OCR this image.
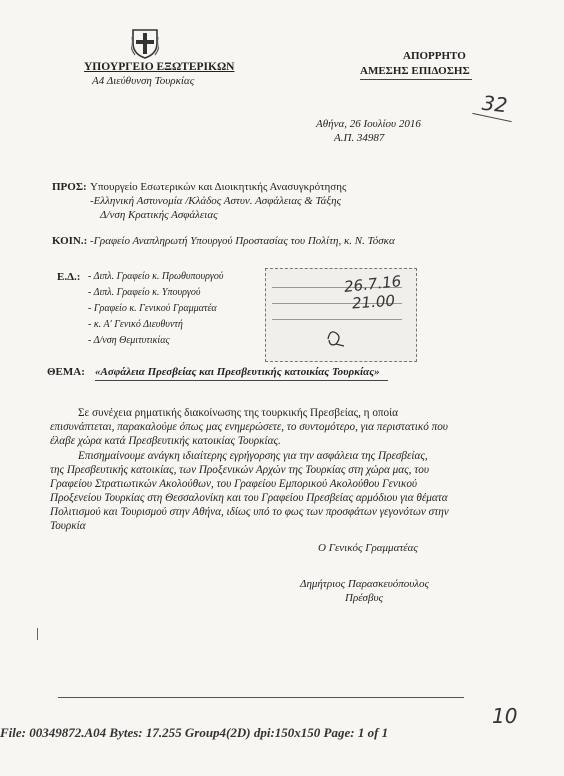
ΥΠΟΥΡΓΕΙΟ ΕΞΩΤΕΡΙΚΩΝ
Α4 Διεύθυνση Τουρκίας
ΑΠΟΡΡΗΤΟ
ΑΜΕΣΗΣ ΕΠΙΔΟΣΗΣ
32
Αθήνα, 26 Ιουλίου 2016
Α.Π. 34987
ΠΡΟΣ: Υπουργείο Εσωτερικών και Διοικητικής Ανασυγκρότησης
-Ελληνική Αστυνομία /Κλάδος Αστυν. Ασφάλειας & Τάξης
Δ/νση Κρατικής Ασφάλειας
ΚΟΙΝ.: -Γραφείο Αναπληρωτή Υπουργού Προστασίας του Πολίτη, κ. Ν. Τόσκα
Ε.Δ.: - Διπλ. Γραφείο κ. Πρωθυπουργού
- Διπλ. Γραφείο κ. Υπουργού
- Γραφείο κ. Γενικού Γραμματέα
- κ. Α' Γενικό Διευθυντή
- Δ/νση Θεμιτυτικίας
26.7.16
21.00
ΘΕΜΑ: «Ασφάλεια Πρεσβείας και Πρεσβευτικής κατοικίας Τουρκίας»
Σε συνέχεια ρηματικής διακοίνωσης της τουρκικής Πρεσβείας, η οποία
επισυνάπτεται, παρακαλούμε όπως μας ενημερώσετε, το συντομότερο, για περιστατικό που
έλαβε χώρα κατά Πρεσβευτικής κατοικίας Τουρκίας.
Επισημαίνουμε ανάγκη ιδιαίτερης εγρήγορσης για την ασφάλεια της Πρεσβείας,
της Πρεσβευτικής κατοικίας, των Προξενικών Αρχών της Τουρκίας στη χώρα μας, του
Γραφείου Στρατιωτικών Ακολούθων, του Γραφείου Εμπορικού Ακολούθου Γενικού
Προξενείου Τουρκίας στη Θεσσαλονίκη και του Γραφείου Πρεσβείας αρμόδιου για θέματα
Πολιτισμού και Τουρισμού στην Αθήνα, ιδίως υπό το φως των προσφάτων γεγονότων στην
Τουρκία
Ο Γενικός Γραμματέας
Δημήτριος Παρασκευόπουλος
Πρέσβυς
10
File: 00349872.A04 Bytes: 17.255 Group4(2D) dpi:150x150 Page: 1 of 1
